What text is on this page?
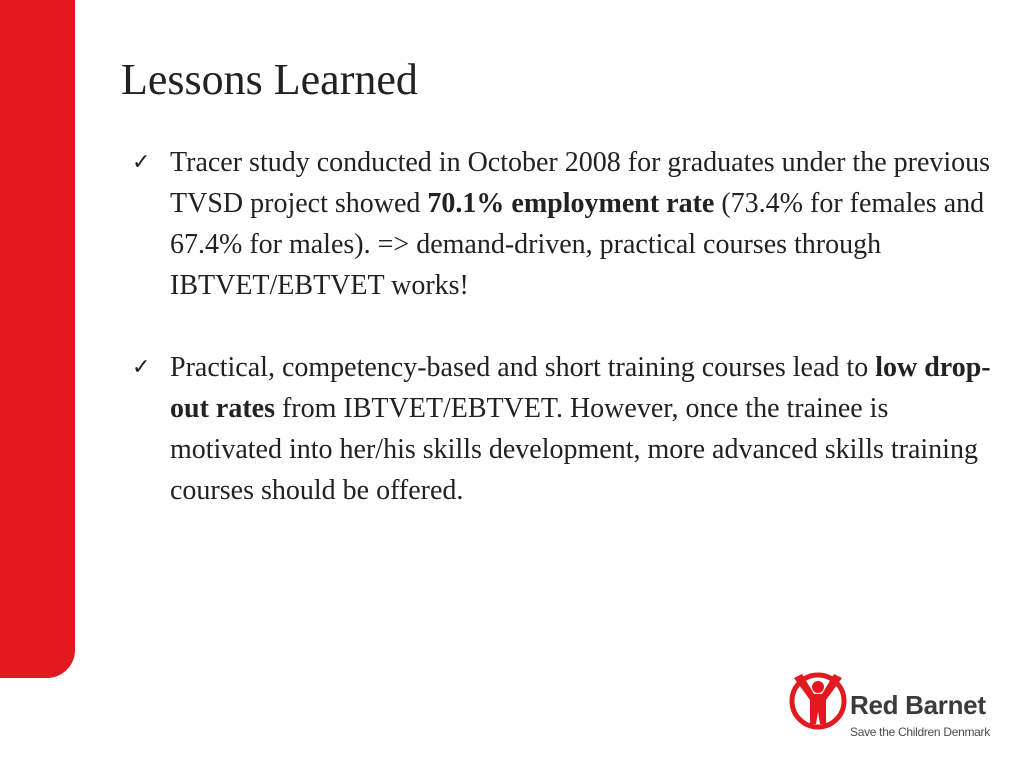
Lessons Learned
✓ Tracer study conducted in October 2008 for graduates under the previous TVSD project showed 70.1% employment rate (73.4% for females and 67.4% for males). => demand-driven, practical courses through IBTVET/EBTVET works!
✓ Practical, competency-based and short training courses lead to low drop-out rates from IBTVET/EBTVET. However, once the trainee is motivated into her/his skills development, more advanced skills training courses should be offered.
Red Barnet
Save the Children Denmark
